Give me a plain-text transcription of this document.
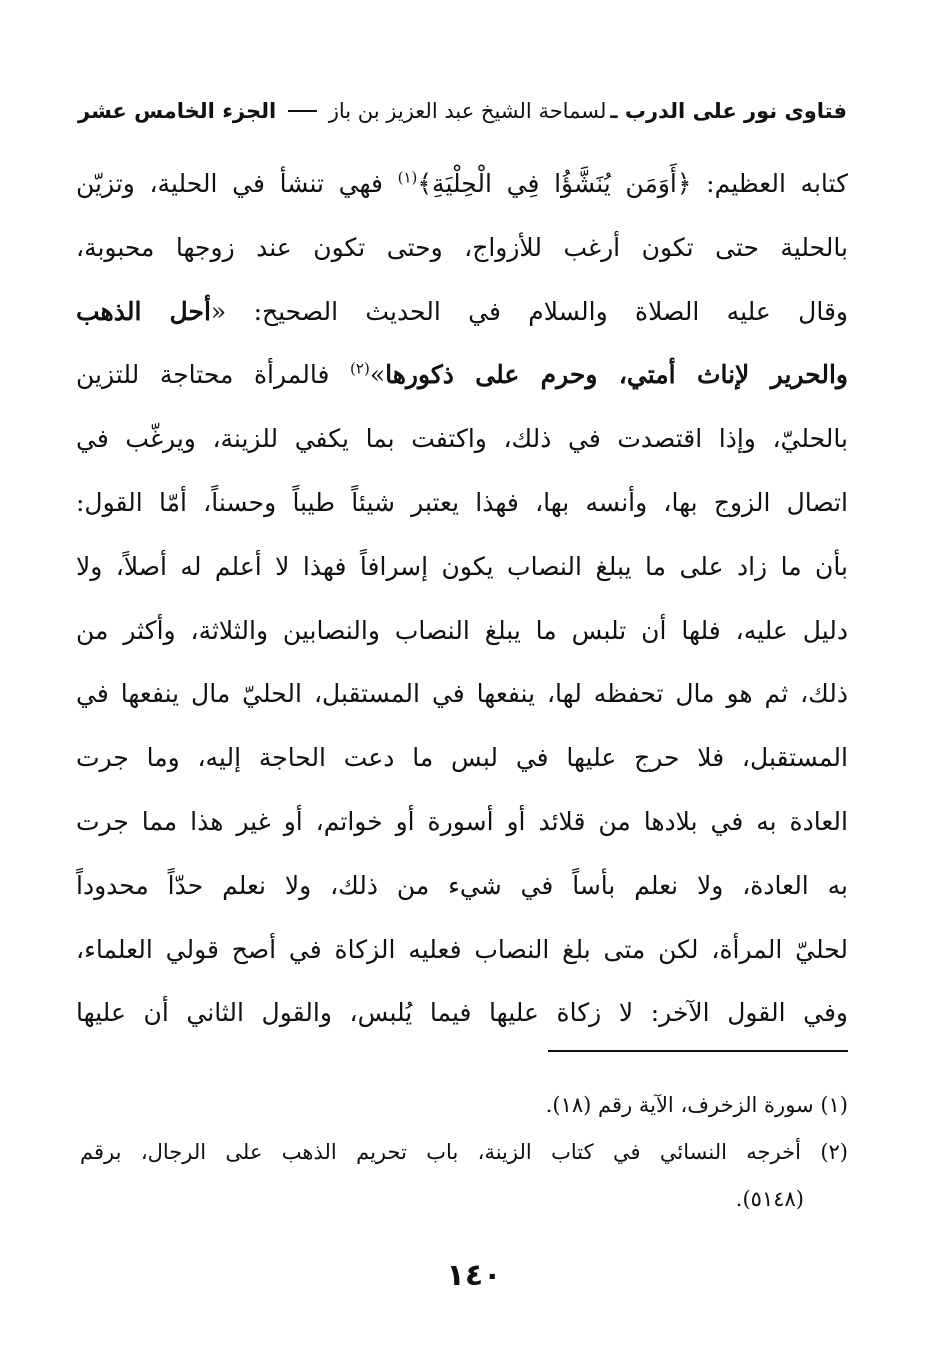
فتاوى نور على الدرب ـ
لسماحة الشيخ عبد العزيز بن باز
الجزء الخامس عشر
كتابه العظيم: ﴿أَوَمَن يُنَشَّؤُا فِي الْحِلْيَةِ﴾$^{(١)}$ فهي تنشأ في الحلية، وتزيّن
بالحلية حتى تكون أرغب للأزواج، وحتى تكون عند زوجها محبوبة،
وقال عليه الصلاة والسلام في الحديث الصحيح: «أحل الذهب
والحرير لإناث أمتي، وحرم على ذكورها»$^{(٢)}$ فالمرأة محتاجة للتزين
بالحليّ، وإذا اقتصدت في ذلك، واكتفت بما يكفي للزينة، ويرغّب في
اتصال الزوج بها، وأنسه بها، فهذا يعتبر شيئاً طيباً وحسناً، أمّا القول:
بأن ما زاد على ما يبلغ النصاب يكون إسرافاً فهذا لا أعلم له أصلاً، ولا
دليل عليه، فلها أن تلبس ما يبلغ النصاب والنصابين والثلاثة، وأكثر من
ذلك، ثم هو مال تحفظه لها، ينفعها في المستقبل، الحليّ مال ينفعها في
المستقبل، فلا حرج عليها في لبس ما دعت الحاجة إليه، وما جرت
العادة به في بلادها من قلائد أو أسورة أو خواتم، أو غير هذا مما جرت
به العادة، ولا نعلم بأساً في شيء من ذلك، ولا نعلم حدّاً محدوداً
لحليّ المرأة، لكن متى بلغ النصاب فعليه الزكاة في أصح قولي العلماء،
وفي القول الآخر: لا زكاة عليها فيما يُلبس، والقول الثاني أن عليها
(١) سورة الزخرف، الآية رقم (١٨).
(٢) أخرجه النسائي في كتاب الزينة، باب تحريم الذهب على الرجال، برقم
(٥١٤٨).
١٤٠
